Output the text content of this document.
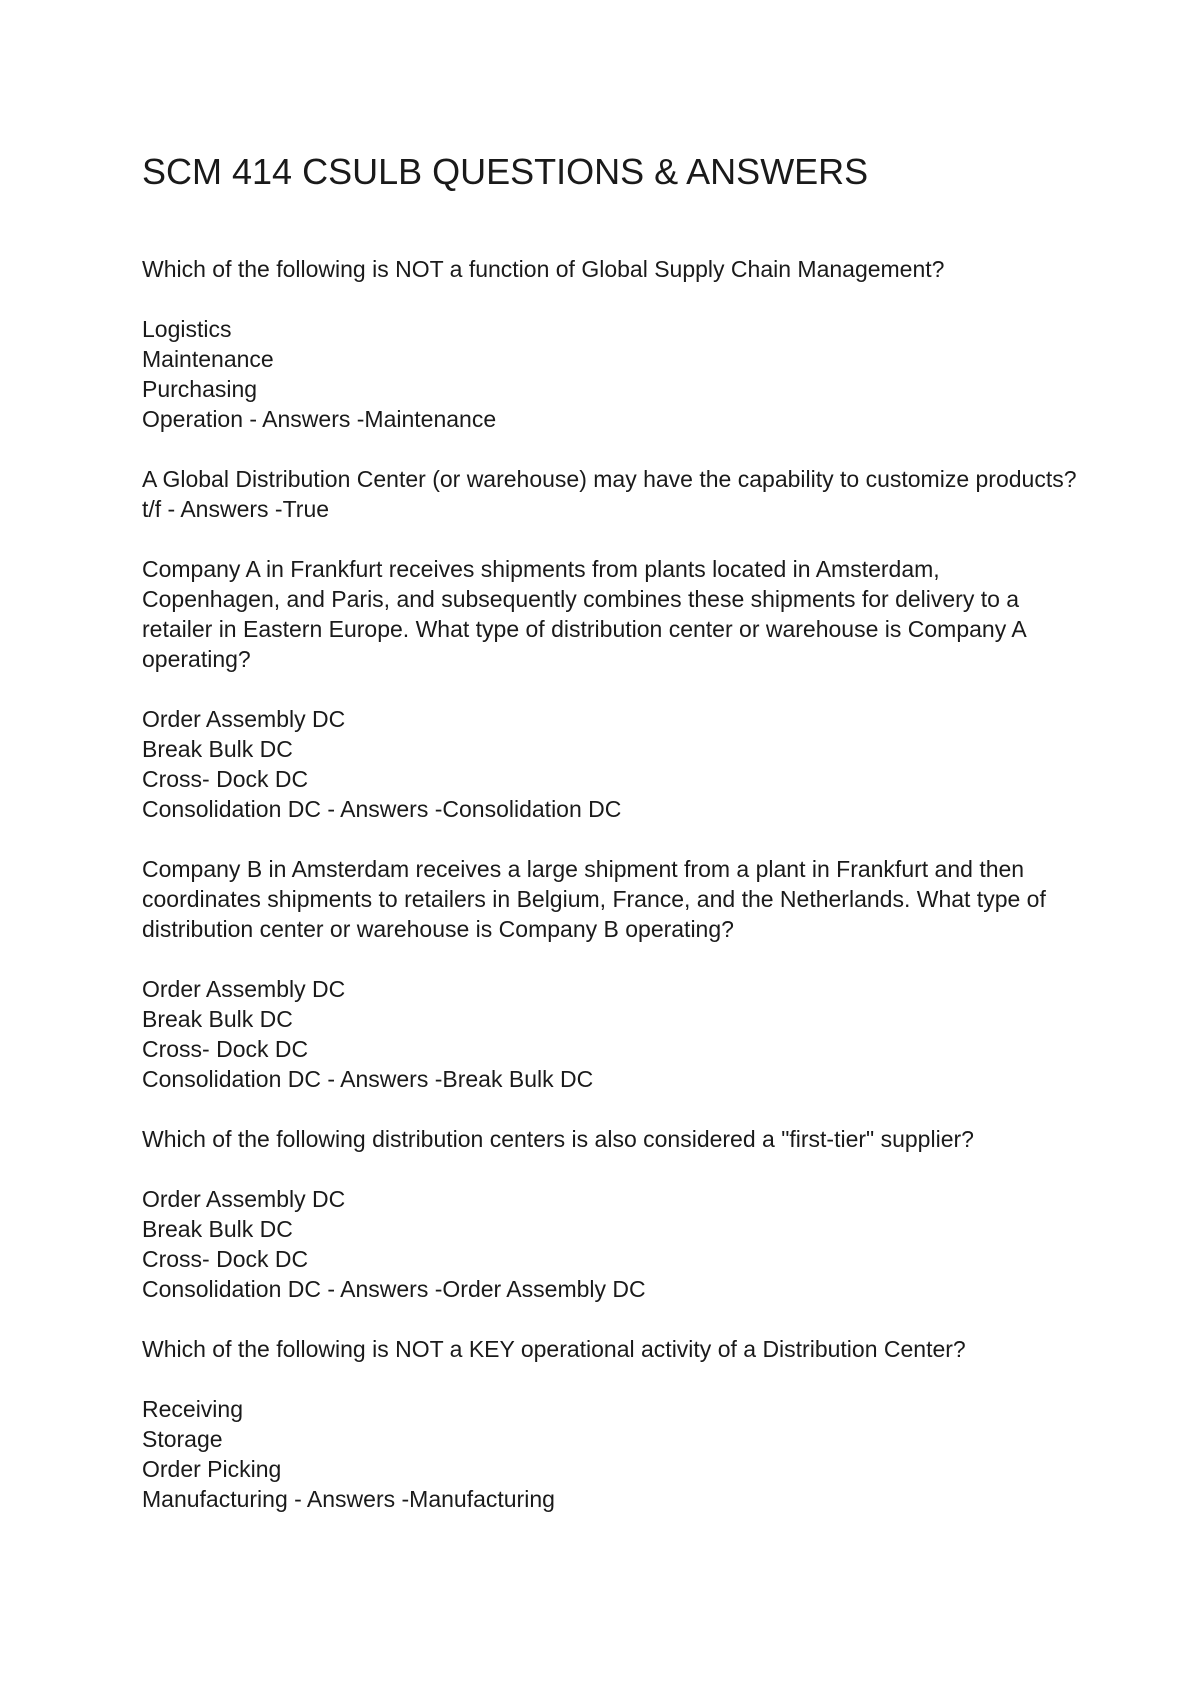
SCM 414 CSULB QUESTIONS & ANSWERS
Which of the following is NOT a function of Global Supply Chain Management?
Logistics
Maintenance
Purchasing
Operation - Answers -Maintenance
A Global Distribution Center (or warehouse) may have the capability to customize products?
t/f - Answers -True
Company A in Frankfurt receives shipments from plants located in Amsterdam, Copenhagen, and Paris, and subsequently combines these shipments for delivery to a retailer in Eastern Europe. What type of distribution center or warehouse is Company A operating?
Order Assembly DC
Break Bulk DC
Cross- Dock DC
Consolidation DC - Answers -Consolidation DC
Company B in Amsterdam receives a large shipment from a plant in Frankfurt and then coordinates shipments to retailers in Belgium, France, and the Netherlands. What type of distribution center or warehouse is Company B operating?
Order Assembly DC
Break Bulk DC
Cross- Dock DC
Consolidation DC - Answers -Break Bulk DC
Which of the following distribution centers is also considered a "first-tier" supplier?
Order Assembly DC
Break Bulk DC
Cross- Dock DC
Consolidation DC - Answers -Order Assembly DC
Which of the following is NOT a KEY operational activity of a Distribution Center?
Receiving
Storage
Order Picking
Manufacturing - Answers -Manufacturing
